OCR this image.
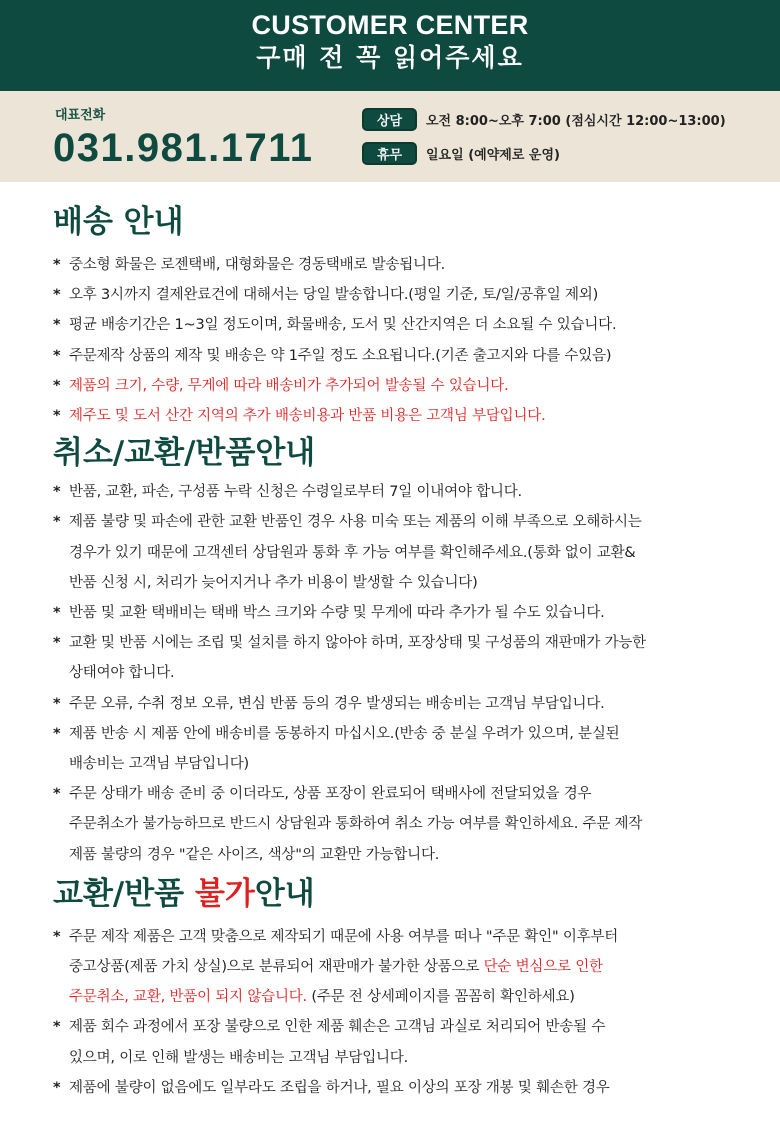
CUSTOMER CENTER
구매 전 꼭 읽어주세요
대표전화
031.981.1711
상담	오전 8:00~오후 7:00 (점심시간 12:00~13:00)
휴무	일요일 (예약제로 운영)
배송 안내
* 중소형 화물은 로젠택배, 대형화물은 경동택배로 발송됩니다.
* 오후 3시까지 결제완료건에 대해서는 당일 발송합니다.(평일 기준, 토/일/공휴일 제외)
* 평균 배송기간은 1~3일 정도이며, 화물배송, 도서 및 산간지역은 더 소요될 수 있습니다.
* 주문제작 상품의 제작 및 배송은 약 1주일 정도 소요됩니다.(기존 출고지와 다를 수있음)
* 제품의 크기, 수량, 무게에 따라 배송비가 추가되어 발송될 수 있습니다.
* 제주도 및 도서 산간 지역의 추가 배송비용과 반품 비용은 고객님 부담입니다.
취소/교환/반품안내
* 반품, 교환, 파손, 구성품 누락 신청은 수령일로부터 7일 이내여야 합니다.
* 제품 불량 및 파손에 관한 교환 반품인 경우 사용 미숙 또는 제품의 이해 부족으로 오해하시는
경우가 있기 때문에 고객센터 상담원과 통화 후 가능 여부를 확인해주세요.(통화 없이 교환&
반품 신청 시, 처리가 늦어지거나 추가 비용이 발생할 수 있습니다)
* 반품 및 교환 택배비는 택배 박스 크기와 수량 및 무게에 따라 추가가 될 수도 있습니다.
* 교환 및 반품 시에는 조립 및 설치를 하지 않아야 하며, 포장상태 및 구성품의 재판매가 가능한
상태여야 합니다.
* 주문 오류, 수취 정보 오류, 변심 반품 등의 경우 발생되는 배송비는 고객님 부담입니다.
* 제품 반송 시 제품 안에 배송비를 동봉하지 마십시오.(반송 중 분실 우려가 있으며, 분실된
배송비는 고객님 부담입니다)
* 주문 상태가 배송 준비 중 이더라도, 상품 포장이 완료되어 택배사에 전달되었을 경우
주문취소가 불가능하므로 반드시 상담원과 통화하여 취소 가능 여부를 확인하세요. 주문 제작
제품 불량의 경우 "같은 사이즈, 색상"의 교환만 가능합니다.
교환/반품 불가안내
* 주문 제작 제품은 고객 맞춤으로 제작되기 때문에 사용 여부를 떠나 "주문 확인" 이후부터
중고상품(제품 가치 상실)으로 분류되어 재판매가 불가한 상품으로 단순 변심으로 인한
주문취소, 교환, 반품이 되지 않습니다. (주문 전 상세페이지를 꼼꼼히 확인하세요)
* 제품 회수 과정에서 포장 불량으로 인한 제품 훼손은 고객님 과실로 처리되어 반송될 수
있으며, 이로 인해 발생는 배송비는 고객님 부담입니다.
* 제품에 불량이 없음에도 일부라도 조립을 하거나, 필요 이상의 포장 개봉 및 훼손한 경우
